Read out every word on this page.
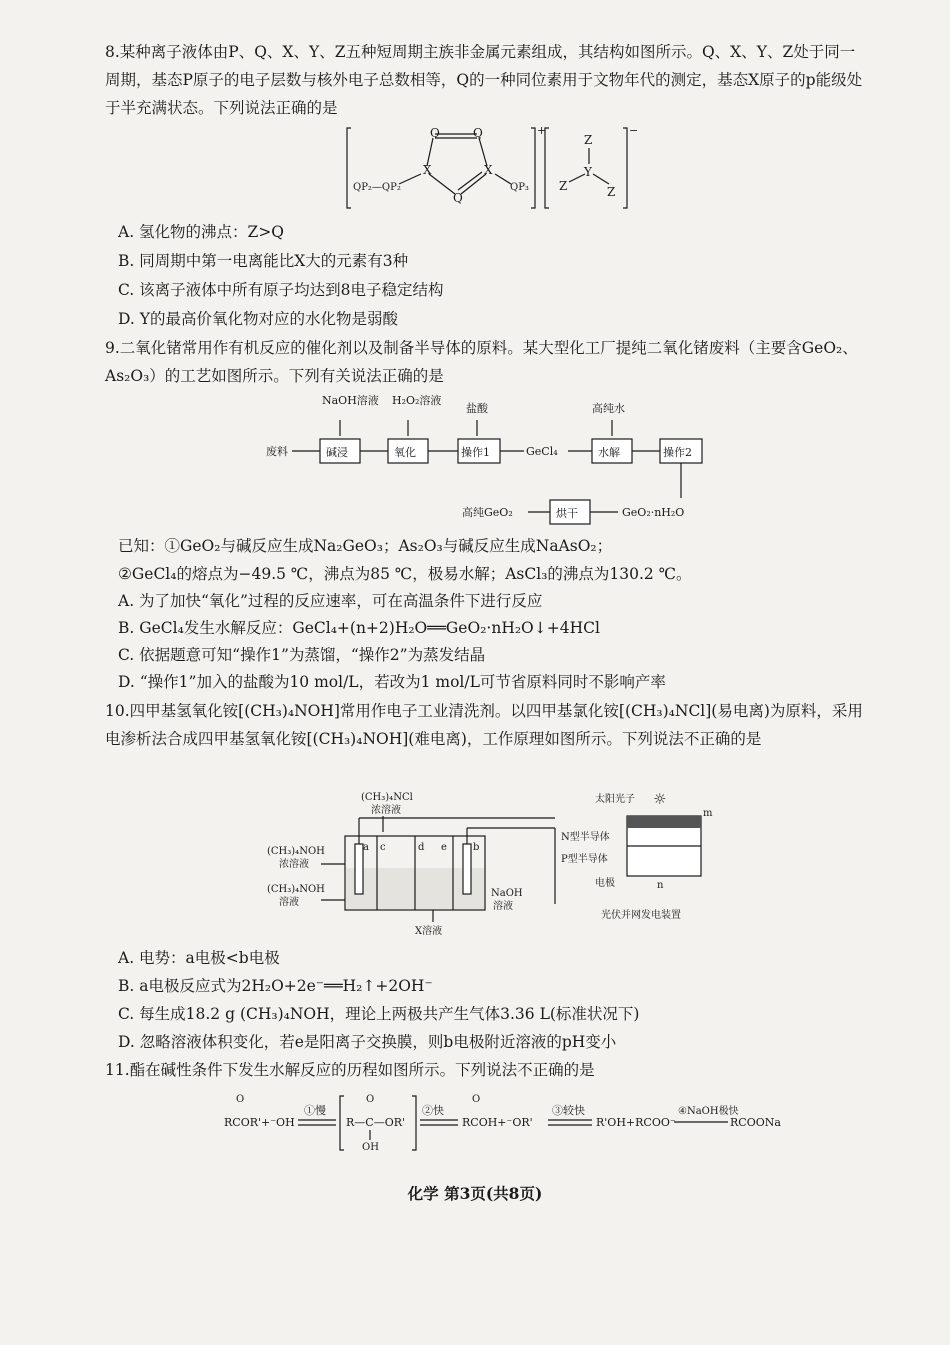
8.某种离子液体由P、Q、X、Y、Z五种短周期主族非金属元素组成，其结构如图所示。Q、X、Y、Z处于同一周期，基态P原子的电子层数与核外电子总数相等，Q的一种同位素用于文物年代的测定，基态X原子的p能级处于半充满状态。下列说法正确的是

Q	Q
X	X
Q
QP₂—QP₂	QP₃
+	−
Z
Y
Z	Z
A. 氢化物的沸点：Z>Q
B. 同周期中第一电离能比X大的元素有3种
C. 该离子液体中所有原子均达到8电子稳定结构
D. Y的最高价氧化物对应的水化物是弱酸

9.二氧化锗常用作有机反应的催化剂以及制备半导体的原料。某大型化工厂提纯二氧化锗废料（主要含GeO₂、As₂O₃）的工艺如图所示。下列有关说法正确的是

NaOH溶液 H₂O₂溶液
盐酸	高纯水
废料	碱浸	氧化	操作1	GeCl₄	水解	操作2
GeO₂·nH₂O
烘干
高纯GeO₂
已知：①GeO₂与碱反应生成Na₂GeO₃；As₂O₃与碱反应生成NaAsO₂；
②GeCl₄的熔点为−49.5 ℃，沸点为85 ℃，极易水解；AsCl₃的沸点为130.2 ℃。
A. 为了加快“氧化”过程的反应速率，可在高温条件下进行反应
B. GeCl₄发生水解反应：GeCl₄+(n+2)H₂O══GeO₂·nH₂O↓+4HCl
C. 依据题意可知“操作1”为蒸馏，“操作2”为蒸发结晶
D. “操作1”加入的盐酸为10 mol/L，若改为1 mol/L可节省原料同时不影响产率

10.四甲基氢氧化铵[(CH₃)₄NOH]常用作电子工业清洗剂。以四甲基氯化铵[(CH₃)₄NCl](易电离)为原料，采用电渗析法合成四甲基氢氧化铵[(CH₃)₄NOH](难电离)，工作原理如图所示。下列说法不正确的是

(CH₃)₄NCl
浓溶液
(CH₃)₄NOH
浓溶液
(CH₃)₄NOH
溶液
a	b
c	d e
NaOH
溶液
X溶液
太阳光子 ☼
N型半导体
P型半导体
电极
m
n
光伏并网发电装置
A. 电势：a电极<b电极
B. a电极反应式为2H₂O+2e⁻══H₂↑+2OH⁻
C. 每生成18.2 g (CH₃)₄NOH，理论上两极共产生气体3.36 L(标准状况下)
D. 忽略溶液体积变化，若e是阳离子交换膜，则b电极附近溶液的pH变小

11.酯在碱性条件下发生水解反应的历程如图所示。下列说法不正确的是

O
RCOR'+⁻OH
①慢
O
R—C—OR'
OH
②快
O
RCOH+⁻OR'
③较快
R'OH+RCOO⁻
④NaOH极快
RCOONa
化学 第3页(共8页)
